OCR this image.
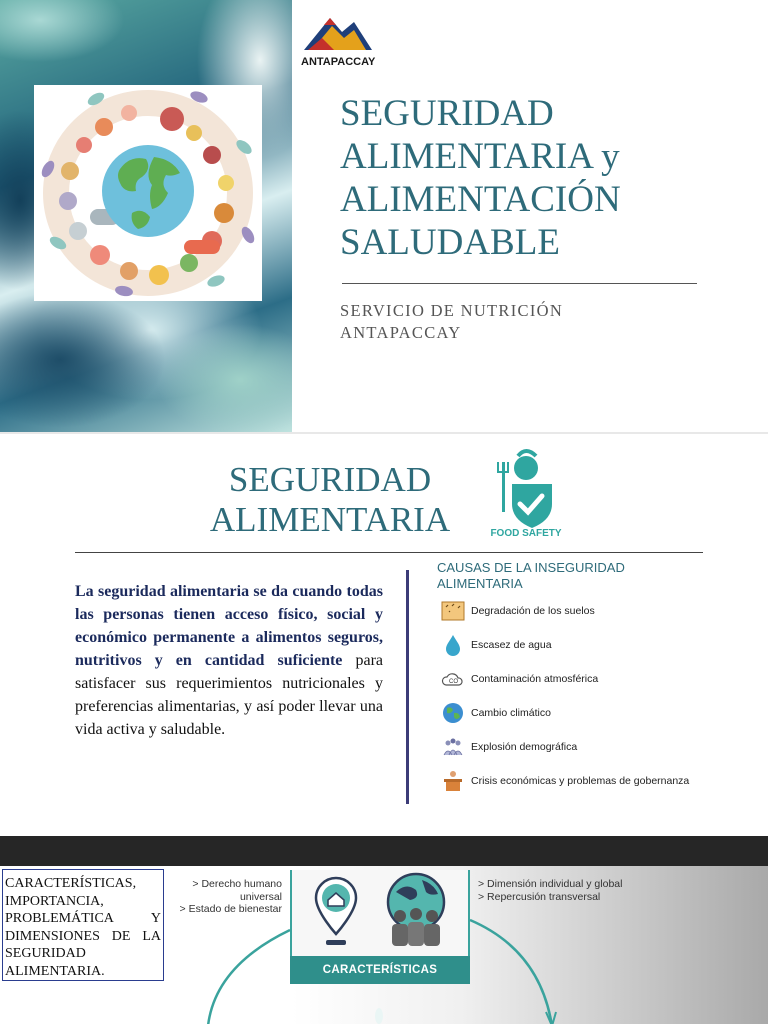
SEGURIDAD
ALIMENTARIA y
ALIMENTACIÓN
SALUDABLE
SERVICIO DE NUTRICIÓN
ANTAPACCAY
ANTAPACCAY
SEGURIDAD
ALIMENTARIA	FOOD SAFETY
La seguridad alimentaria se da cuando todas las personas tienen acceso físico, social y económico permanente a alimentos seguros, nutritivos y en cantidad suficiente para satisfacer sus requerimientos nutricionales y preferencias alimentarias, y así poder llevar una vida activa y saludable.
CAUSAS DE LA INSEGURIDAD ALIMENTARIA
Degradación de los suelos
Escasez de agua
CO Contaminación atmosférica
Cambio climático
Explosión demográfica
Crisis económicas y problemas de gobernanza
CARACTERÍSTICAS, IMPORTANCIA, PROBLEMÁTICA Y DIMENSIONES DE LA SEGURIDAD ALIMENTARIA.
> Derecho humano universal
> Estado de bienestar
> Dimensión individual y global
> Repercusión transversal
CARACTERÍSTICAS
